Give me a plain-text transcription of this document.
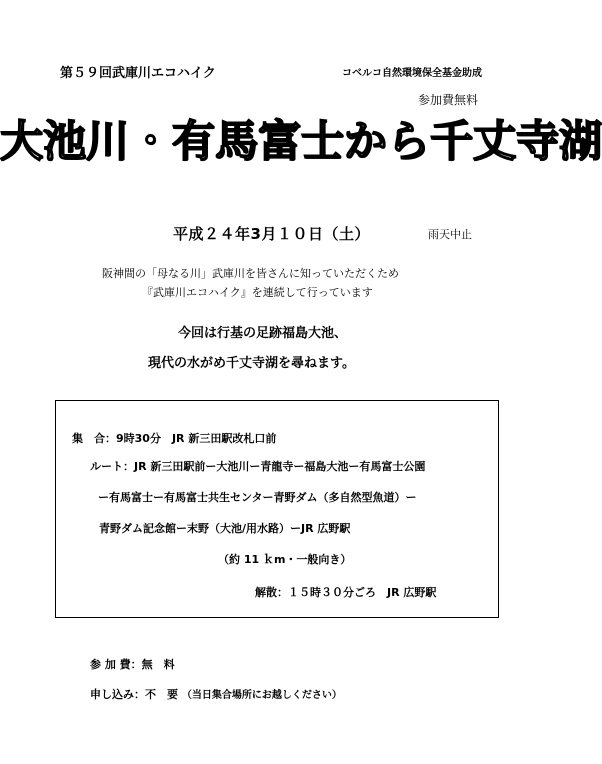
第５９回武庫川エコハイク	コベルコ自然環境保全基金助成
参加費無料
大池川・有馬富士から千丈寺湖
平成２４年3月１０日（土）	雨天中止
阪神間の「母なる川」武庫川を皆さんに知っていただくため
『武庫川エコハイク』を連続して行っています
今回は行基の足跡福島大池、
現代の水がめ千丈寺湖を尋ねます。
集　合：9時30分　JR 新三田駅改札口前
ルート：JR 新三田駅前ー大池川ー青龍寺ー福島大池ー有馬富士公園
ー有馬富士ー有馬富士共生センター青野ダム（多自然型魚道）ー
青野ダム記念館ー末野（大池/用水路）ーJR 広野駅
（約 11 ｋm・一般向き）
解散：１５時３０分ごろ　JR 広野駅
参 加 費：無　料
申し込み：不　要 （当日集合場所にお越しください）
